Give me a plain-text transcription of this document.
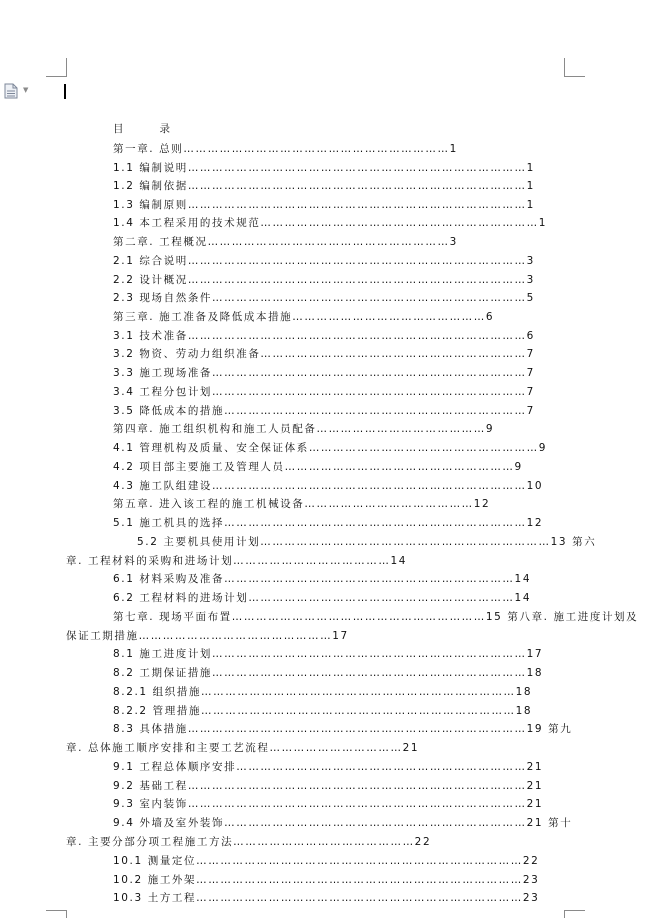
▼
目	录
第一章. 总则…………………………………………………………1
1.1 编制说明…………………………………………………………………………1
1.2 编制依据…………………………………………………………………………1
1.3 编制原则…………………………………………………………………………1
1.4 本工程采用的技术规范……………………………………………………………1
第二章. 工程概况……………………………………………………3
2.1 综合说明…………………………………………………………………………3
2.2 设计概况…………………………………………………………………………3
2.3 现场自然条件……………………………………………………………………5
第三章. 施工准备及降低成本措施…………………………………………6
3.1 技术准备…………………………………………………………………………6
3.2 物资、劳动力组织准备…………………………………………………………7
3.3 施工现场准备……………………………………………………………………7
3.4 工程分包计划……………………………………………………………………7
3.5 降低成本的措施…………………………………………………………………7
第四章. 施工组织机构和施工人员配备……………………………………9
4.1 管理机构及质量、安全保证体系…………………………………………………9
4.2 项目部主要施工及管理人员…………………………………………………9
4.3 施工队组建设……………………………………………………………………10
第五章. 进入该工程的施工机械设备……………………………………12
5.1 施工机具的选择…………………………………………………………………12
5.2 主要机具使用计划………………………………………………………………13 第六
章. 工程材料的采购和进场计划…………………………………14
6.1 材料采购及准备………………………………………………………………14
6.2 工程材料的进场计划…………………………………………………………14
第七章. 现场平面布置………………………………………………………15 第八章. 施工进度计划及
保证工期措施…………………………………………17
8.1 施工进度计划……………………………………………………………………17
8.2 工期保证措施……………………………………………………………………18
8.2.1 组织措施……………………………………………………………………18
8.2.2 管理措施……………………………………………………………………18
8.3 具体措施…………………………………………………………………………19 第九
章. 总体施工顺序安排和主要工艺流程……………………………21
9.1 工程总体顺序安排………………………………………………………………21
9.2 基础工程…………………………………………………………………………21
9.3 室内装饰…………………………………………………………………………21
9.4 外墙及室外装饰…………………………………………………………………21 第十
章. 主要分部分项工程施工方法………………………………………22
10.1 测量定位………………………………………………………………………22
10.2 施工外架………………………………………………………………………23
10.3 土方工程………………………………………………………………………23
